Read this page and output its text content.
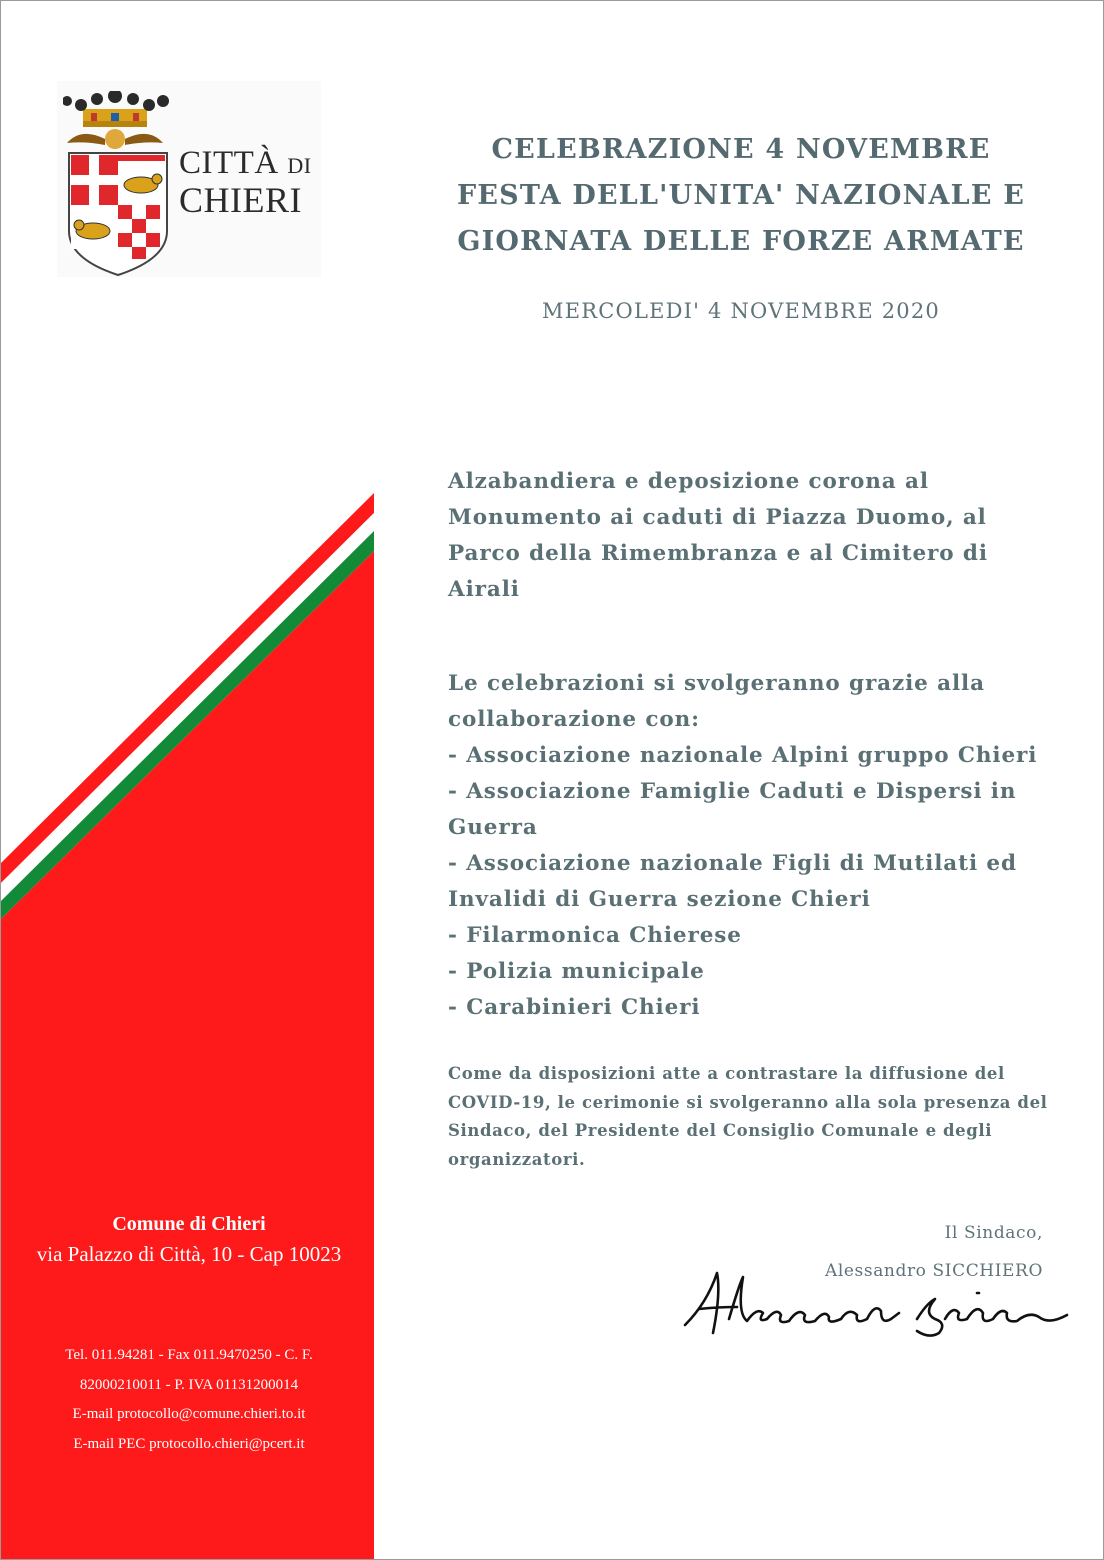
CITTÀ DI
CHIERI
CELEBRAZIONE 4 NOVEMBRE
FESTA DELL'UNITA' NAZIONALE E
GIORNATA DELLE FORZE ARMATE
MERCOLEDI' 4 NOVEMBRE 2020
Alzabandiera e deposizione corona al Monumento ai caduti di Piazza Duomo, al Parco della Rimembranza e al Cimitero di Airali
Le celebrazioni si svolgeranno grazie alla collaborazione con:
- Associazione nazionale Alpini gruppo Chieri
- Associazione Famiglie Caduti e Dispersi in Guerra
- Associazione nazionale Figli di Mutilati ed Invalidi di Guerra sezione Chieri
- Filarmonica Chierese
- Polizia municipale
- Carabinieri Chieri
Come da disposizioni atte a contrastare la diffusione del COVID-19, le cerimonie si svolgeranno alla sola presenza del Sindaco, del Presidente del Consiglio Comunale e degli organizzatori.
Il Sindaco,
Alessandro SICCHIERO
Comune di Chieri
via Palazzo di Città, 10 - Cap 10023
Tel. 011.94281 - Fax 011.9470250 - C. F. 82000210011 - P. IVA 01131200014
E-mail protocollo@comune.chieri.to.it
E-mail PEC protocollo.chieri@pcert.it
